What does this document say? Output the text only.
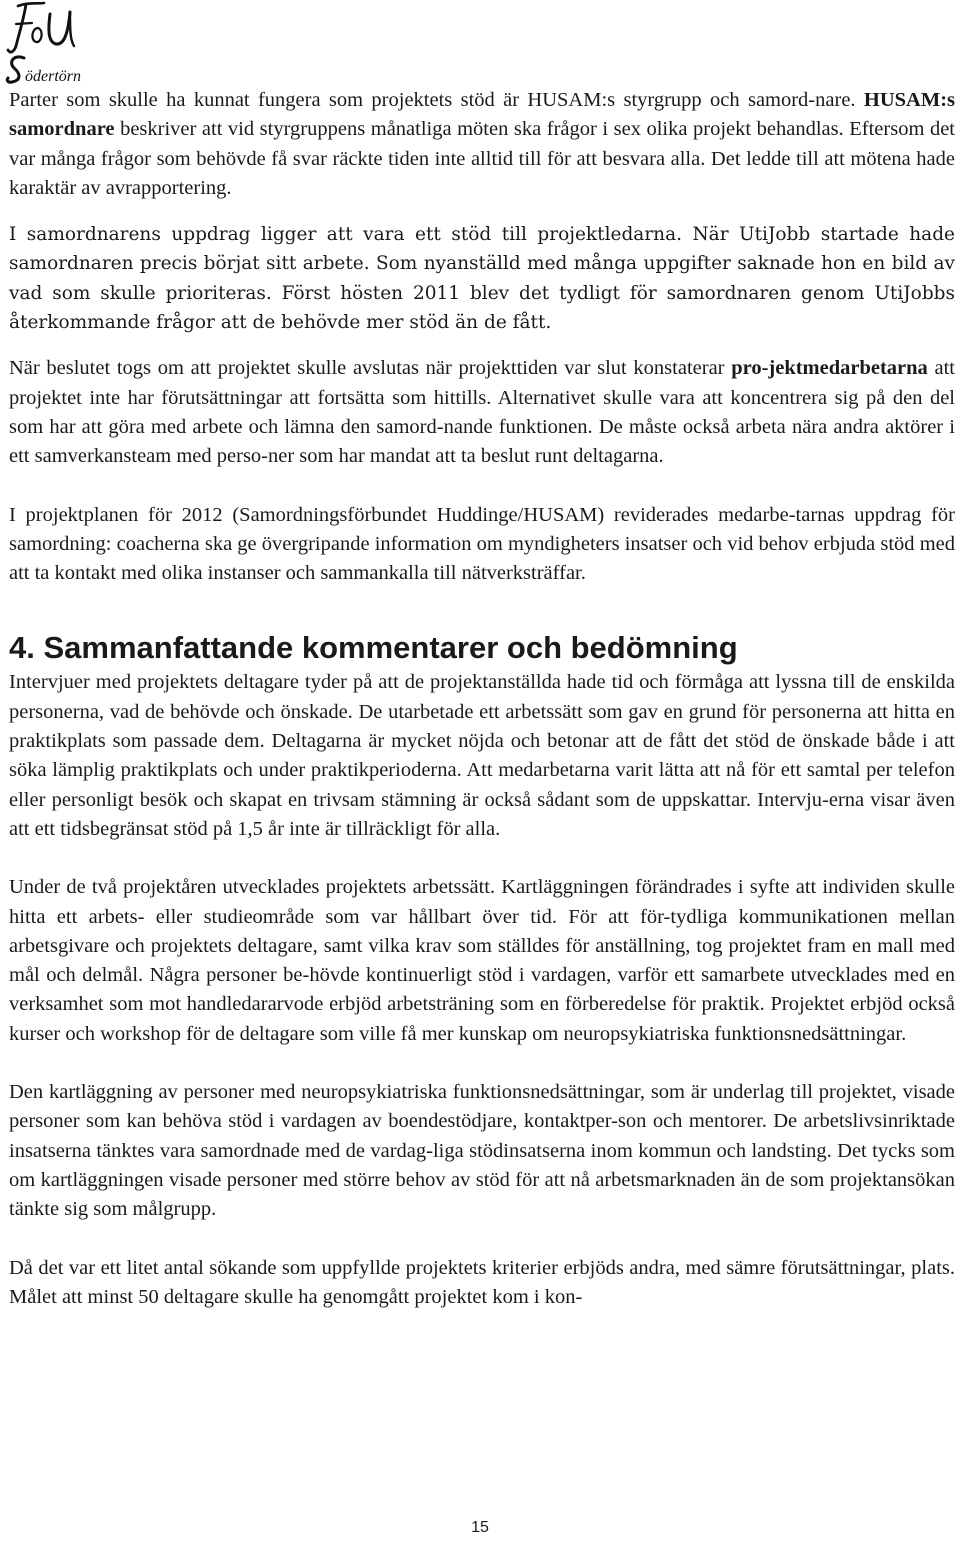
ödertörn

Parter som skulle ha kunnat fungera som projektets stöd är HUSAM:s styrgrupp och samord-nare. HUSAM:s samordnare beskriver att vid styrgruppens månatliga möten ska frågor i sex olika projekt behandlas. Eftersom det var många frågor som behövde få svar räckte tiden inte alltid till för att besvara alla. Det ledde till att mötena hade karaktär av avrapportering.

I samordnarens uppdrag ligger att vara ett stöd till projektledarna. När UtiJobb startade hade samordnaren precis börjat sitt arbete. Som nyanställd med många uppgifter saknade hon en bild av vad som skulle prioriteras. Först hösten 2011 blev det tydligt för samordnaren genom UtiJobbs återkommande frågor att de behövde mer stöd än de fått.

När beslutet togs om att projektet skulle avslutas när projekttiden var slut konstaterar pro-jektmedarbetarna att projektet inte har förutsättningar att fortsätta som hittills. Alternativet skulle vara att koncentrera sig på den del som har att göra med arbete och lämna den samord-nande funktionen. De måste också arbeta nära andra aktörer i ett samverkansteam med perso-ner som har mandat att ta beslut runt deltagarna.

I projektplanen för 2012 (Samordningsförbundet Huddinge/HUSAM) reviderades medarbe-tarnas uppdrag för samordning: coacherna ska ge övergripande information om myndigheters insatser och vid behov erbjuda stöd med att ta kontakt med olika instanser och sammankalla till nätverksträffar.

4. Sammanfattande kommentarer och bedömning

Intervjuer med projektets deltagare tyder på att de projektanställda hade tid och förmåga att lyssna till de enskilda personerna, vad de behövde och önskade. De utarbetade ett arbetssätt som gav en grund för personerna att hitta en praktikplats som passade dem. Deltagarna är mycket nöjda och betonar att de fått det stöd de önskade både i att söka lämplig praktikplats och under praktikperioderna. Att medarbetarna varit lätta att nå för ett samtal per telefon eller personligt besök och skapat en trivsam stämning är också sådant som de uppskattar. Intervju-erna visar även att ett tidsbegränsat stöd på 1,5 år inte är tillräckligt för alla.

Under de två projektåren utvecklades projektets arbetssätt. Kartläggningen förändrades i syfte att individen skulle hitta ett arbets- eller studieområde som var hållbart över tid. För att för-tydliga kommunikationen mellan arbetsgivare och projektets deltagare, samt vilka krav som ställdes för anställning, tog projektet fram en mall med mål och delmål. Några personer be-hövde kontinuerligt stöd i vardagen, varför ett samarbete utvecklades med en verksamhet som mot handledararvode erbjöd arbetsträning som en förberedelse för praktik. Projektet erbjöd också kurser och workshop för de deltagare som ville få mer kunskap om neuropsykiatriska funktionsnedsättningar.

Den kartläggning av personer med neuropsykiatriska funktionsnedsättningar, som är underlag till projektet, visade personer som kan behöva stöd i vardagen av boendestödjare, kontaktper-son och mentorer. De arbetslivsinriktade insatserna tänktes vara samordnade med de vardag-liga stödinsatserna inom kommun och landsting. Det tycks som om kartläggningen visade personer med större behov av stöd för att nå arbetsmarknaden än de som projektansökan tänkte sig som målgrupp.

Då det var ett litet antal sökande som uppfyllde projektets kriterier erbjöds andra, med sämre förutsättningar, plats. Målet att minst 50 deltagare skulle ha genomgått projektet kom i kon-

15
